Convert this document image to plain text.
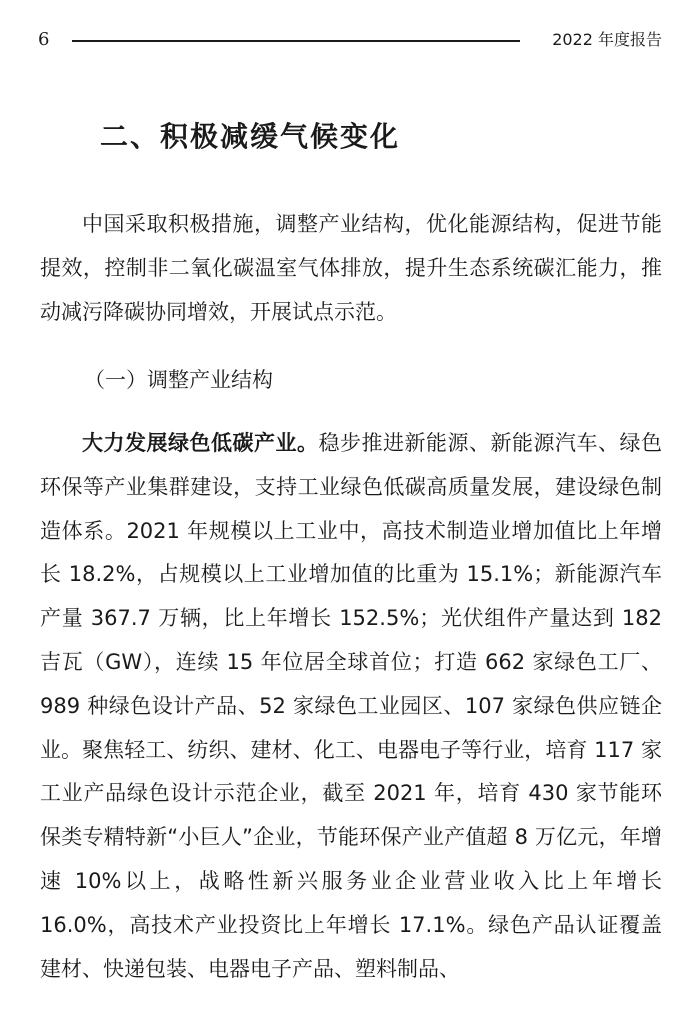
6	2022 年度报告
二、积极减缓气候变化

中国采取积极措施，调整产业结构，优化能源结构，促进节能提效，控制非二氧化碳温室气体排放，提升生态系统碳汇能力，推动减污降碳协同增效，开展试点示范。

（一）调整产业结构

大力发展绿色低碳产业。稳步推进新能源、新能源汽车、绿色环保等产业集群建设，支持工业绿色低碳高质量发展，建设绿色制造体系。2021 年规模以上工业中，高技术制造业增加值比上年增长 18.2%，占规模以上工业增加值的比重为 15.1%；新能源汽车产量 367.7 万辆，比上年增长 152.5%；光伏组件产量达到 182 吉瓦（GW），连续 15 年位居全球首位；打造 662 家绿色工厂、989 种绿色设计产品、52 家绿色工业园区、107 家绿色供应链企业。聚焦轻工、纺织、建材、化工、电器电子等行业，培育 117 家工业产品绿色设计示范企业，截至 2021 年，培育 430 家节能环保类专精特新“小巨人”企业，节能环保产业产值超 8 万亿元，年增速 10%以上，战略性新兴服务业企业营业收入比上年增长 16.0%，高技术产业投资比上年增长 17.1%。绿色产品认证覆盖建材、快递包装、电器电子产品、塑料制品、
